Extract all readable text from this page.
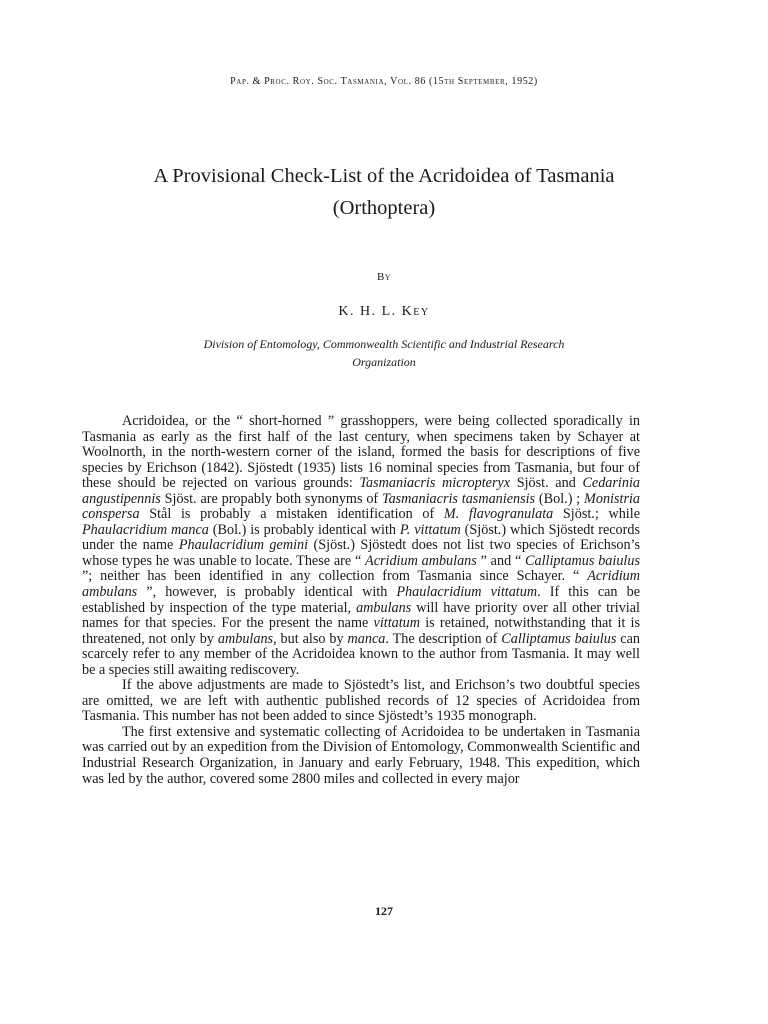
Pap. & Proc. Roy. Soc. Tasmania, Vol. 86 (15th September, 1952)
A Provisional Check-List of the Acridoidea of Tasmania
(Orthoptera)
By
K. H. L. Key
Division of Entomology, Commonwealth Scientific and Industrial Research
Organization

Acridoidea, or the “ short-horned ” grasshoppers, were being collected sporadically in Tasmania as early as the first half of the last century, when specimens taken by Schayer at Woolnorth, in the north-western corner of the island, formed the basis for descriptions of five species by Erichson (1842). Sjöstedt (1935) lists 16 nominal species from Tasmania, but four of these should be rejected on various grounds: Tasmaniacris micropteryx Sjöst. and Cedarinia angustipennis Sjöst. are propably both synonyms of Tasmaniacris tasmaniensis (Bol.) ; Monistria conspersa Stål is probably a mistaken identification of M. flavogranulata Sjöst.; while Phaulacridium manca (Bol.) is probably identical with P. vittatum (Sjöst.) which Sjöstedt records under the name Phaulacridium gemini (Sjöst.) Sjöstedt does not list two species of Erichson’s whose types he was unable to locate. These are “ Acridium ambulans ” and “ Calliptamus baiulus ”; neither has been identified in any collection from Tasmania since Schayer. “ Acridium ambulans ”, however, is probably identical with Phaulacridium vittatum. If this can be established by inspection of the type material, ambulans will have priority over all other trivial names for that species. For the present the name vittatum is retained, notwithstanding that it is threatened, not only by ambulans, but also by manca. The description of Calliptamus baiulus can scarcely refer to any member of the Acridoidea known to the author from Tasmania. It may well be a species still awaiting rediscovery.

If the above adjustments are made to Sjöstedt’s list, and Erichson’s two doubtful species are omitted, we are left with authentic published records of 12 species of Acridoidea from Tasmania. This number has not been added to since Sjöstedt’s 1935 monograph.

The first extensive and systematic collecting of Acridoidea to be undertaken in Tasmania was carried out by an expedition from the Division of Entomology, Commonwealth Scientific and Industrial Research Organization, in January and early February, 1948. This expedition, which was led by the author, covered some 2800 miles and collected in every major

127
